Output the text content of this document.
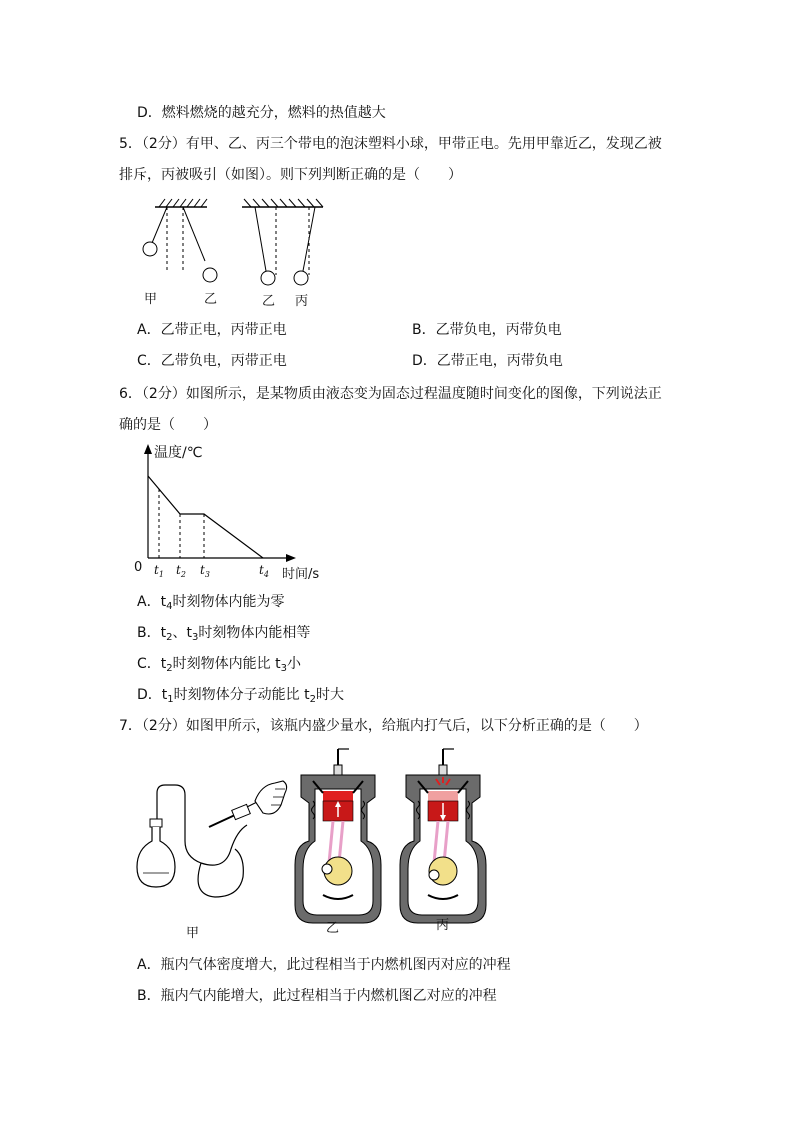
D．燃料燃烧的越充分，燃料的热值越大
5．（2分）有甲、乙、丙三个带电的泡沫塑料小球，甲带正电。先用甲靠近乙，发现乙被
排斥，丙被吸引（如图）。则下列判断正确的是（　　）
甲	乙	乙 丙
A．乙带正电，丙带正电	B．乙带负电，丙带负电
C．乙带负电，丙带正电	D．乙带正电，丙带负电
6．（2分）如图所示，是某物质由液态变为固态过程温度随时间变化的图像，下列说法正
确的是（　　）
温度/℃
0	时间/s
$t_1$ $t_2$ $t_3$	$t_4$
A．$t_4$时刻物体内能为零
B．$t_2$、$t_3$时刻物体内能相等
C．$t_2$时刻物体内能比 $t_3$小
D．$t_1$时刻物体分子动能比 $t_2$时大
7．（2分）如图甲所示，该瓶内盛少量水，给瓶内打气后，以下分析正确的是（　　）
甲	乙	丙
A．瓶内气体密度增大，此过程相当于内燃机图丙对应的冲程
B．瓶内气内能增大，此过程相当于内燃机图乙对应的冲程
